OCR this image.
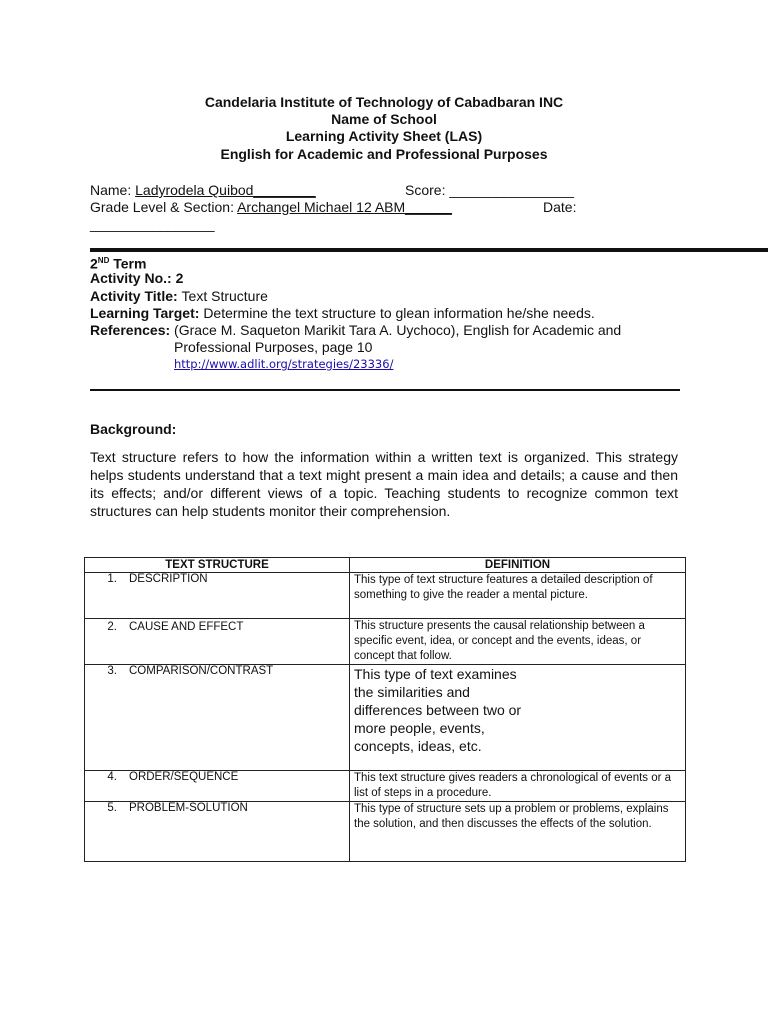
Candelaria Institute of Technology of Cabadbaran INC
Name of School
Learning Activity Sheet (LAS)
English for Academic and Professional Purposes
Name: Ladyrodela Quibod________	Score: ________________
Grade Level & Section: Archangel Michael 12 ABM______	Date:
________________
2ND Term
Activity No.: 2
Activity Title: Text Structure
Learning Target: Determine the text structure to glean information he/she needs.
References: (Grace M. Saqueton Marikit Tara A. Uychoco), English for Academic and
Professional Purposes, page 10
http://www.adlit.org/strategies/23336/
Background:
Text structure refers to how the information within a written text is organized. This strategy helps students understand that a text might present a main idea and details; a cause and then its effects; and/or different views of a topic. Teaching students to recognize common text structures can help students monitor their comprehension.
TEXT STRUCTURE	DEFINITION
1. DESCRIPTION	This type of text structure features a detailed description of something to give the reader a mental picture.
2. CAUSE AND EFFECT	This structure presents the causal relationship between a specific event, idea, or concept and the events, ideas, or concept that follow.
3. COMPARISON/CONTRAST	This type of text examines
the similarities and
differences between two or
more people, events,
concepts, ideas, etc.

4. ORDER/SEQUENCE	This text structure gives readers a chronological of events or a list of steps in a procedure.
5. PROBLEM-SOLUTION	This type of structure sets up a problem or problems, explains the solution, and then discusses the effects of the solution.
